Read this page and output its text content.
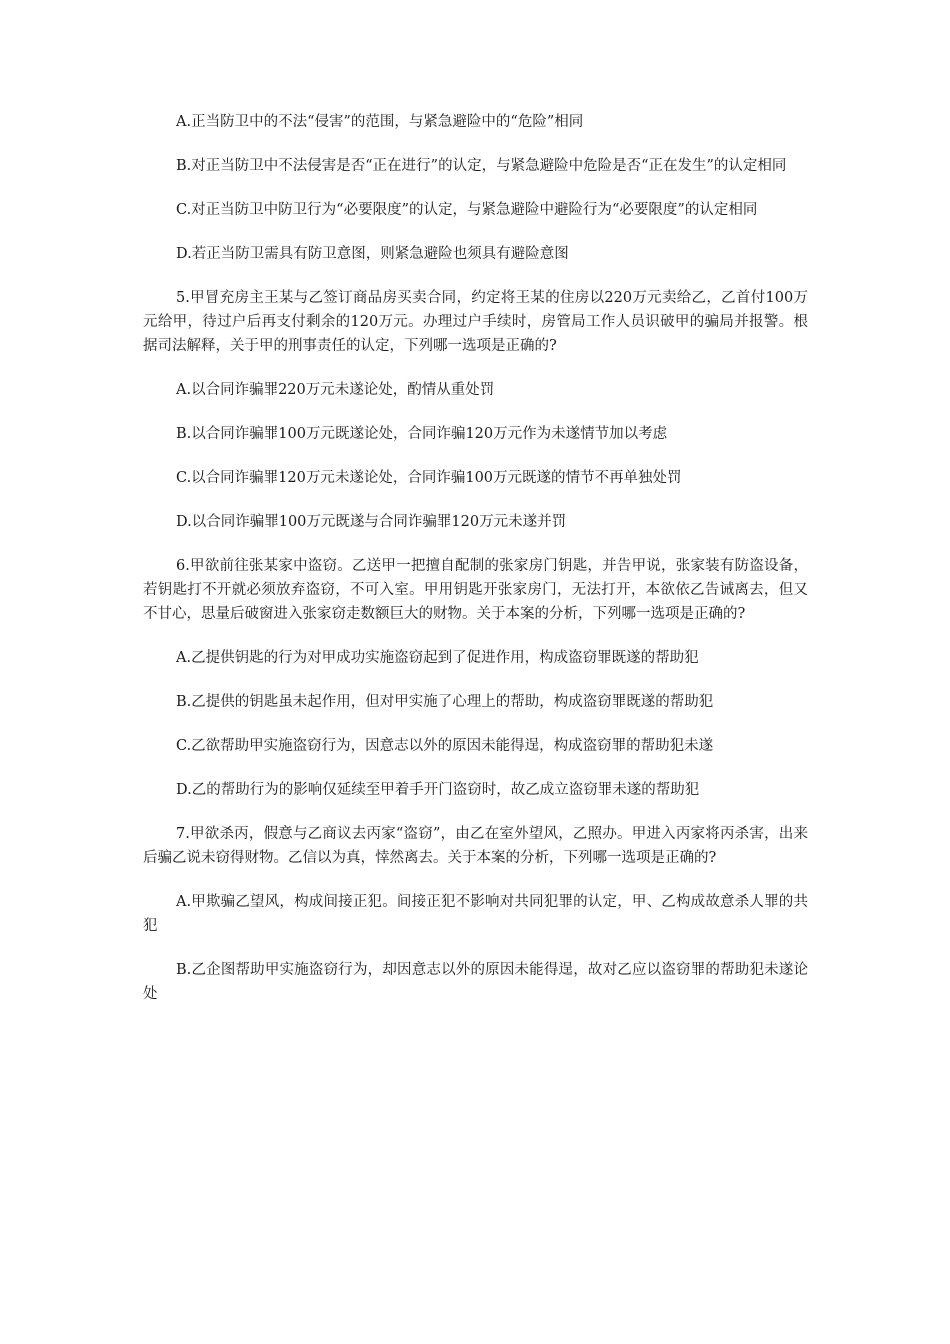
A.正当防卫中的不法“侵害”的范围，与紧急避险中的“危险”相同

B.对正当防卫中不法侵害是否“正在进行”的认定，与紧急避险中危险是否“正在发生”的认定相同

C.对正当防卫中防卫行为“必要限度”的认定，与紧急避险中避险行为“必要限度”的认定相同

D.若正当防卫需具有防卫意图，则紧急避险也须具有避险意图

5.甲冒充房主王某与乙签订商品房买卖合同，约定将王某的住房以220万元卖给乙，乙首付100万元给甲，待过户后再支付剩余的120万元。办理过户手续时，房管局工作人员识破甲的骗局并报警。根据司法解释，关于甲的刑事责任的认定，下列哪一选项是正确的?

A.以合同诈骗罪220万元未遂论处，酌情从重处罚

B.以合同诈骗罪100万元既遂论处，合同诈骗120万元作为未遂情节加以考虑

C.以合同诈骗罪120万元未遂论处，合同诈骗100万元既遂的情节不再单独处罚

D.以合同诈骗罪100万元既遂与合同诈骗罪120万元未遂并罚

6.甲欲前往张某家中盗窃。乙送甲一把擅自配制的张家房门钥匙，并告甲说，张家装有防盗设备，若钥匙打不开就必须放弃盗窃，不可入室。甲用钥匙开张家房门，无法打开，本欲依乙告诫离去，但又不甘心，思量后破窗进入张家窃走数额巨大的财物。关于本案的分析，下列哪一选项是正确的?

A.乙提供钥匙的行为对甲成功实施盗窃起到了促进作用，构成盗窃罪既遂的帮助犯

B.乙提供的钥匙虽未起作用，但对甲实施了心理上的帮助，构成盗窃罪既遂的帮助犯

C.乙欲帮助甲实施盗窃行为，因意志以外的原因未能得逞，构成盗窃罪的帮助犯未遂

D.乙的帮助行为的影响仅延续至甲着手开门盗窃时，故乙成立盗窃罪未遂的帮助犯

7.甲欲杀丙，假意与乙商议去丙家“盗窃”，由乙在室外望风，乙照办。甲进入丙家将丙杀害，出来后骗乙说未窃得财物。乙信以为真，悻然离去。关于本案的分析，下列哪一选项是正确的?

A.甲欺骗乙望风，构成间接正犯。间接正犯不影响对共同犯罪的认定，甲、乙构成故意杀人罪的共犯

B.乙企图帮助甲实施盗窃行为，却因意志以外的原因未能得逞，故对乙应以盗窃罪的帮助犯未遂论处
